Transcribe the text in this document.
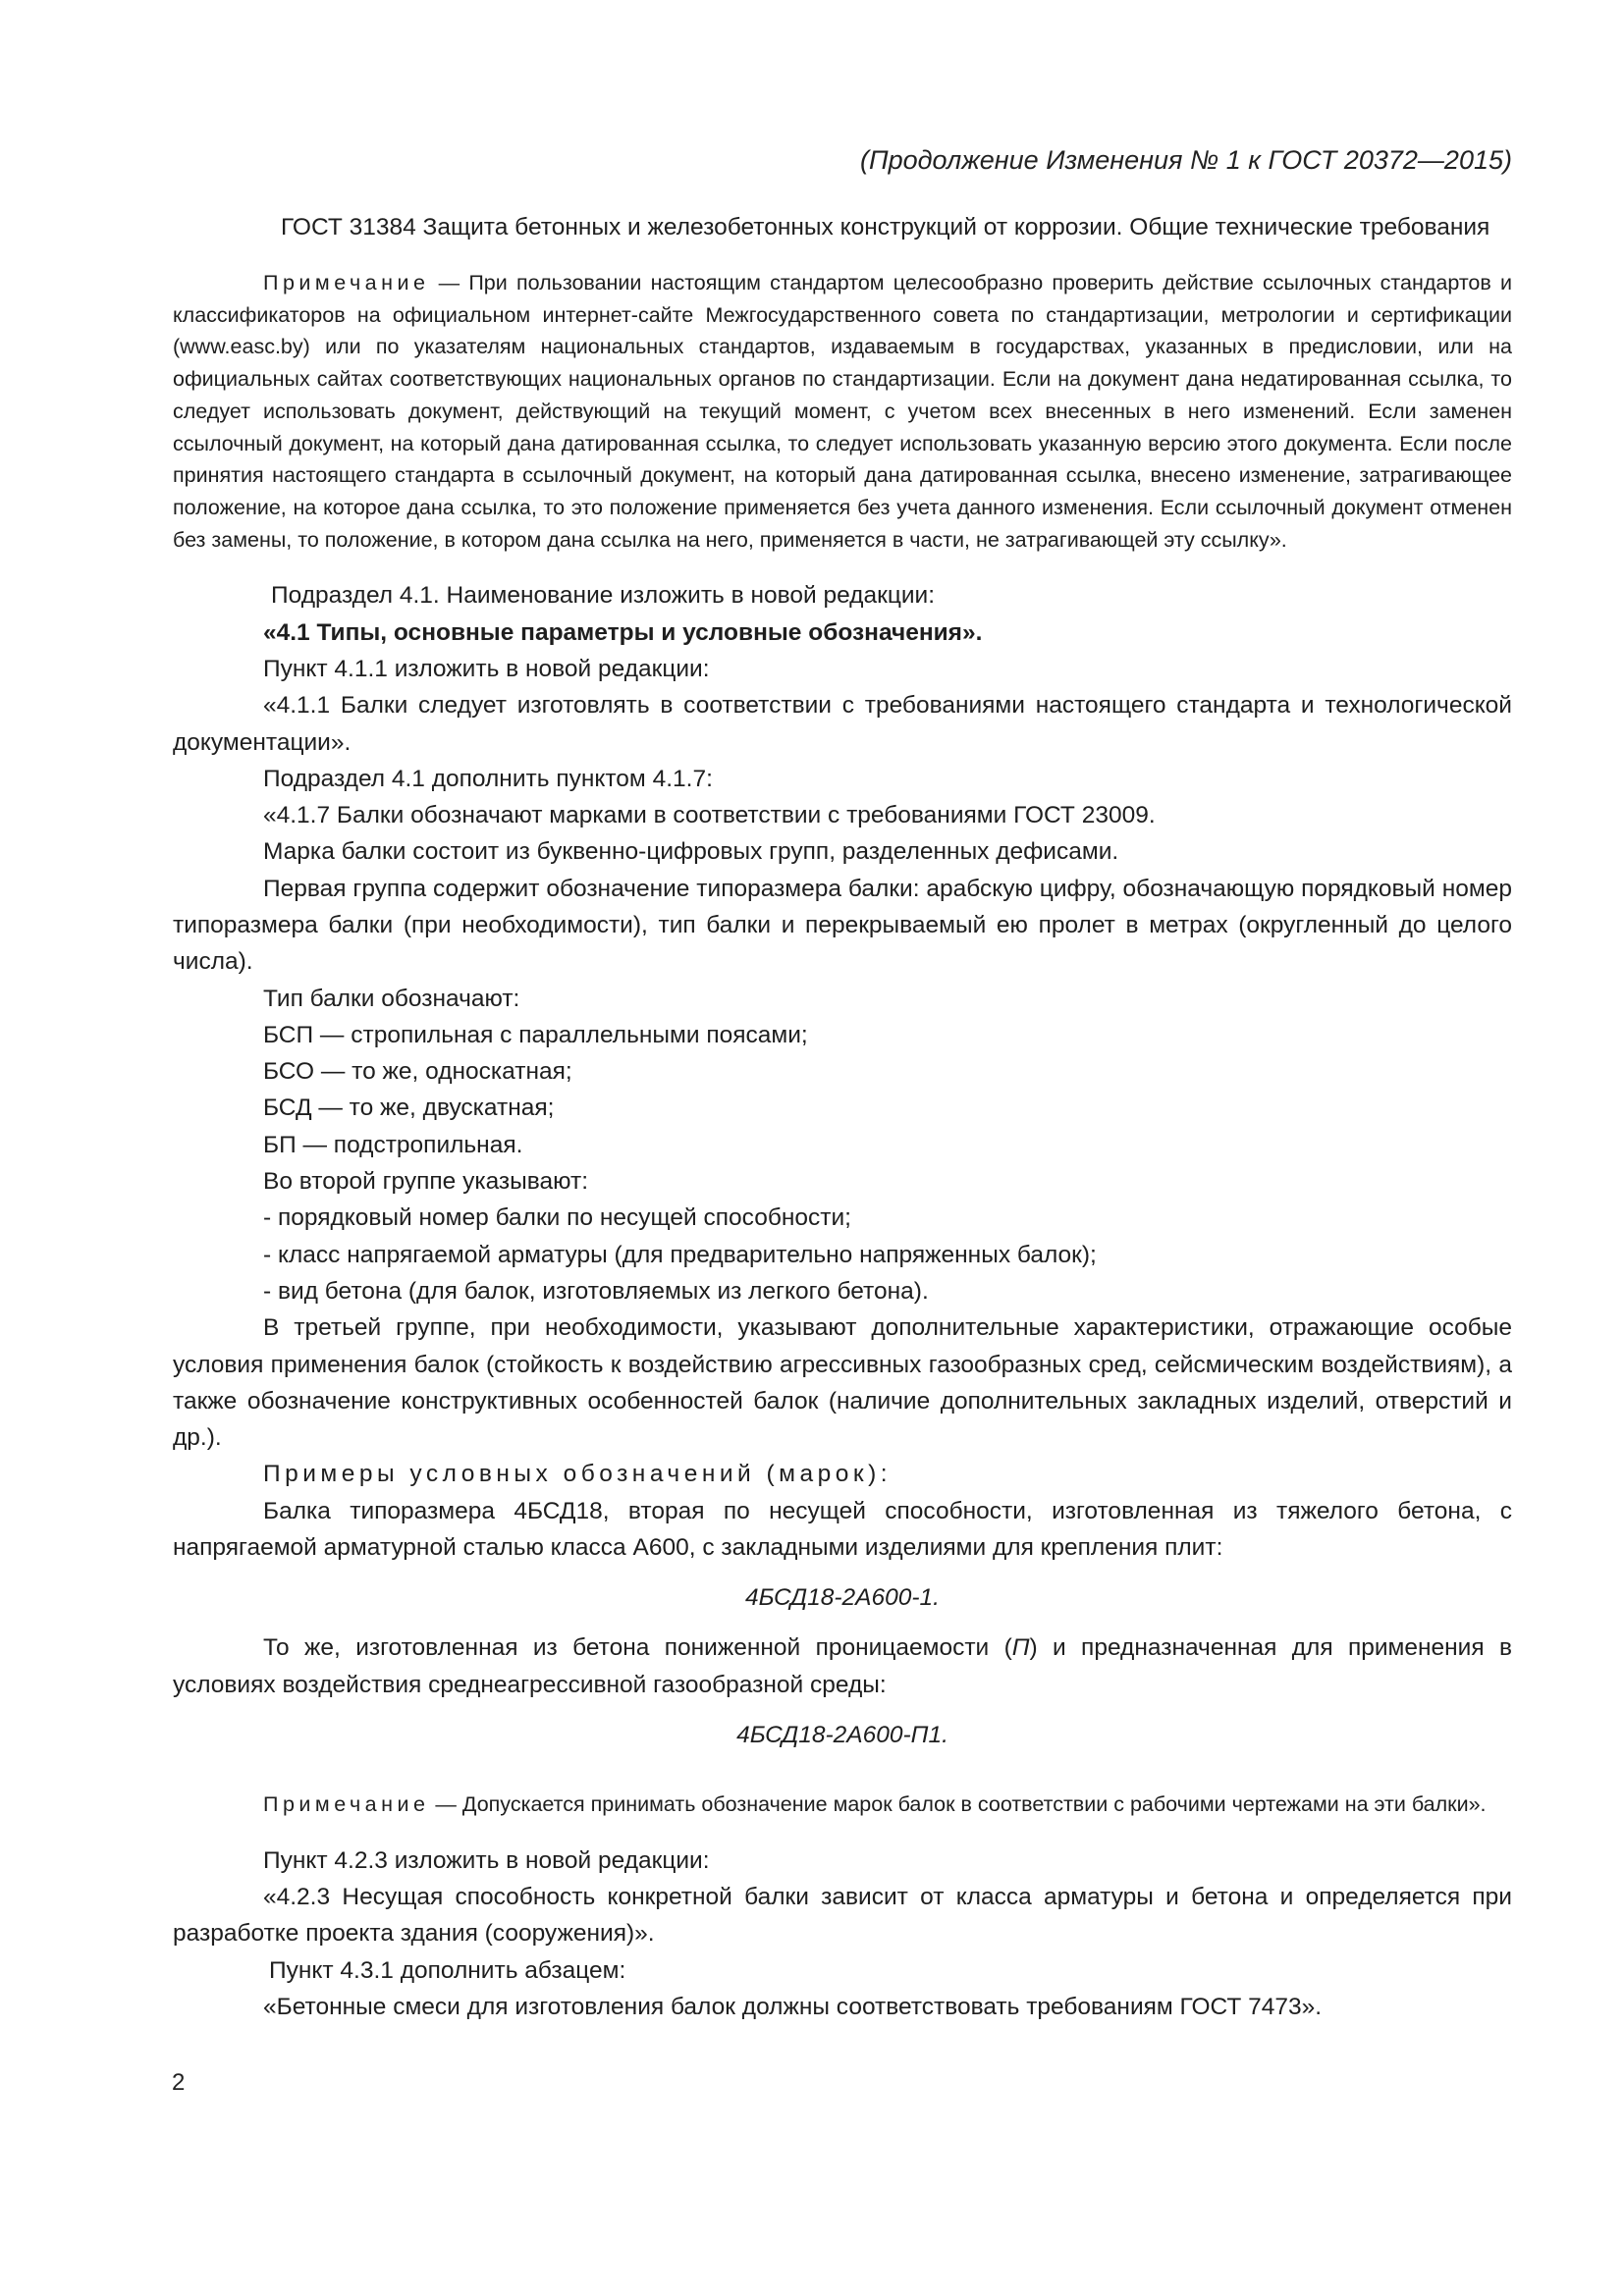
(Продолжение Изменения № 1 к ГОСТ 20372—2015)

ГОСТ 31384 Защита бетонных и железобетонных конструкций от коррозии. Общие технические требования

Примечание — При пользовании настоящим стандартом целесообразно проверить действие ссылочных стандартов и классификаторов на официальном интернет-сайте Межгосударственного совета по стандартизации, метрологии и сертификации (www.easc.by) или по указателям национальных стандартов, издаваемым в государствах, указанных в предисловии, или на официальных сайтах соответствующих национальных органов по стандартизации. Если на документ дана недатированная ссылка, то следует использовать документ, действующий на текущий момент, с учетом всех внесенных в него изменений. Если заменен ссылочный документ, на который дана датированная ссылка, то следует использовать указанную версию этого документа. Если после принятия настоящего стандарта в ссылочный документ, на который дана датированная ссылка, внесено изменение, затрагивающее положение, на которое дана ссылка, то это положение применяется без учета данного изменения. Если ссылочный документ отменен без замены, то положение, в котором дана ссылка на него, применяется в части, не затрагивающей эту ссылку».

Подраздел 4.1. Наименование изложить в новой редакции:

«4.1 Типы, основные параметры и условные обозначения».

Пункт 4.1.1 изложить в новой редакции:

«4.1.1 Балки следует изготовлять в соответствии с требованиями настоящего стандарта и технологической документации».

Подраздел 4.1 дополнить пунктом 4.1.7:

«4.1.7 Балки обозначают марками в соответствии с требованиями ГОСТ 23009.

Марка балки состоит из буквенно-цифровых групп, разделенных дефисами.

Первая группа содержит обозначение типоразмера балки: арабскую цифру, обозначающую порядковый номер типоразмера балки (при необходимости), тип балки и перекрываемый ею пролет в метрах (округленный до целого числа).

Тип балки обозначают:

БСП — стропильная с параллельными поясами;

БСО — то же, односкатная;

БСД — то же, двускатная;

БП — подстропильная.

Во второй группе указывают:

- порядковый номер балки по несущей способности;

- класс напрягаемой арматуры (для предварительно напряженных балок);

- вид бетона (для балок, изготовляемых из легкого бетона).

В третьей группе, при необходимости, указывают дополнительные характеристики, отражающие особые условия применения балок (стойкость к воздействию агрессивных газообразных сред, сейсмическим воздействиям), а также обозначение конструктивных особенностей балок (наличие дополнительных закладных изделий, отверстий и др.).

Примеры условных обозначений (марок):

Балка типоразмера 4БСД18, вторая по несущей способности, изготовленная из тяжелого бетона, с напрягаемой арматурной сталью класса А600, с закладными изделиями для крепления плит:

4БСД18-2А600-1.

То же, изготовленная из бетона пониженной проницаемости (П) и предназначенная для применения в условиях воздействия среднеагрессивной газообразной среды:

4БСД18-2А600-П1.

Примечание — Допускается принимать обозначение марок балок в соответствии с рабочими чертежами на эти балки».

Пункт 4.2.3 изложить в новой редакции:

«4.2.3 Несущая способность конкретной балки зависит от класса арматуры и бетона и определяется при разработке проекта здания (сооружения)».

Пункт 4.3.1 дополнить абзацем:

«Бетонные смеси для изготовления балок должны соответствовать требованиям ГОСТ 7473».

2
